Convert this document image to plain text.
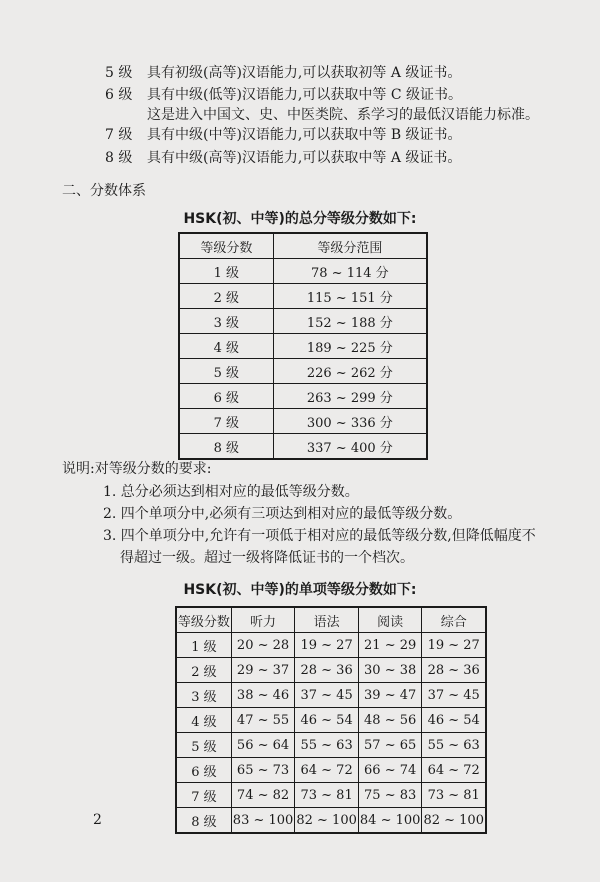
5 级 具有初级(高等)汉语能力,可以获取初等 A 级证书。
6 级 具有中级(低等)汉语能力,可以获取中等 C 级证书。
这是进入中国文、史、中医类院、系学习的最低汉语能力标准。
7 级 具有中级(中等)汉语能力,可以获取中等 B 级证书。
8 级 具有中级(高等)汉语能力,可以获取中等 A 级证书。
二、分数体系
HSK(初、中等)的总分等级分数如下:
等级分数	等级分范围
1 级	78 ~ 114 分
2 级	115 ~ 151 分
3 级	152 ~ 188 分
4 级	189 ~ 225 分
5 级	226 ~ 262 分
6 级	263 ~ 299 分
7 级	300 ~ 336 分
8 级	337 ~ 400 分
说明:对等级分数的要求:
1. 总分必须达到相对应的最低等级分数。
2. 四个单项分中,必须有三项达到相对应的最低等级分数。
3. 四个单项分中,允许有一项低于相对应的最低等级分数,但降低幅度不
得超过一级。超过一级将降低证书的一个档次。
HSK(初、中等)的单项等级分数如下:
等级分数	听力	语法	阅读	综合
1 级	20 ~ 28	19 ~ 27	21 ~ 29	19 ~ 27
2 级	29 ~ 37	28 ~ 36	30 ~ 38	28 ~ 36
3 级	38 ~ 46	37 ~ 45	39 ~ 47	37 ~ 45
4 级	47 ~ 55	46 ~ 54	48 ~ 56	46 ~ 54
5 级	56 ~ 64	55 ~ 63	57 ~ 65	55 ~ 63
6 级	65 ~ 73	64 ~ 72	66 ~ 74	64 ~ 72
7 级	74 ~ 82	73 ~ 81	75 ~ 83	73 ~ 81
8 级	83 ~ 100	82 ~ 100	84 ~ 100	82 ~ 100
2
